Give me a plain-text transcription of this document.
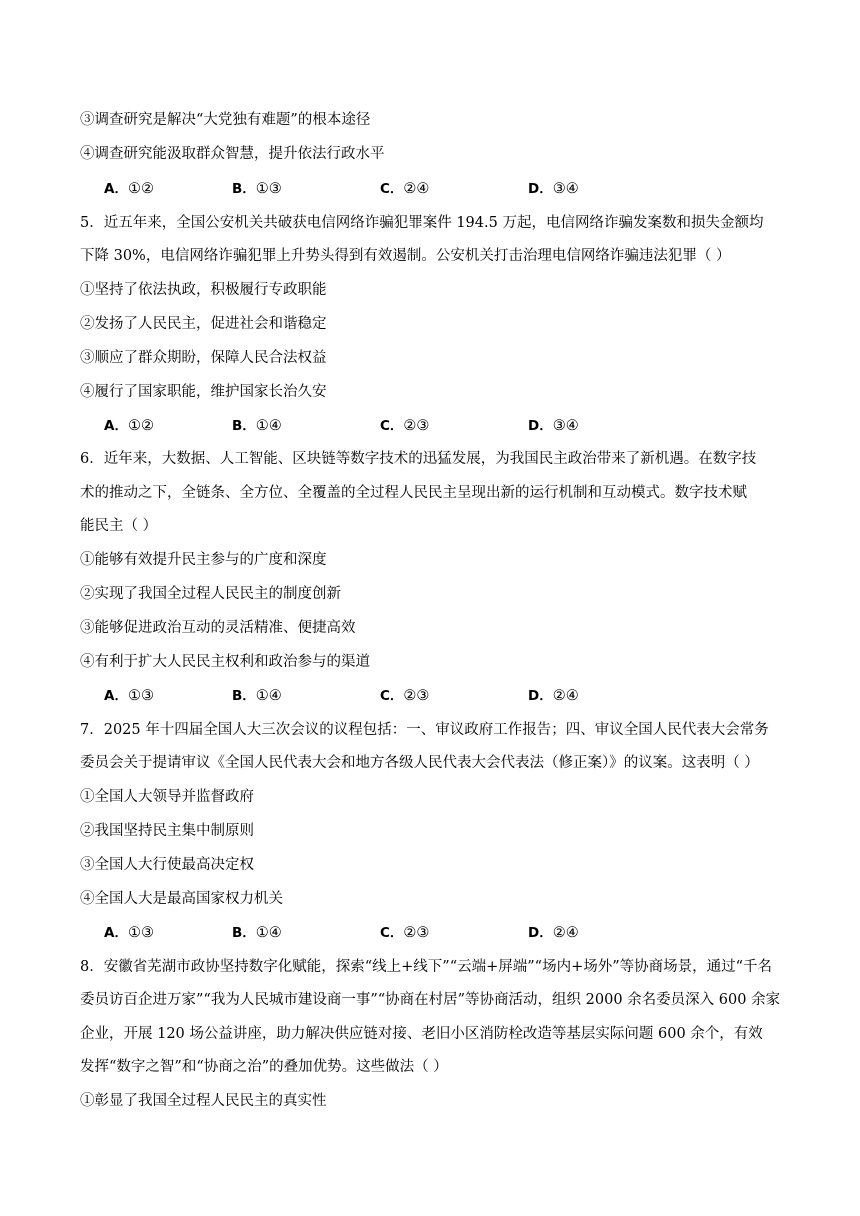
③调查研究是解决“大党独有难题”的根本途径
④调查研究能汲取群众智慧，提升依法行政水平
A．①②	B．①③	C．②④	D．③④
5．近五年来，全国公安机关共破获电信网络诈骗犯罪案件 194.5 万起，电信网络诈骗发案数和损失金额均
下降 30%，电信网络诈骗犯罪上升势头得到有效遏制。公安机关打击治理电信网络诈骗违法犯罪（ ）
①坚持了依法执政，积极履行专政职能
②发扬了人民民主，促进社会和谐稳定
③顺应了群众期盼，保障人民合法权益
④履行了国家职能，维护国家长治久安
A．①②	B．①④	C．②③	D．③④
6．近年来，大数据、人工智能、区块链等数字技术的迅猛发展，为我国民主政治带来了新机遇。在数字技
术的推动之下，全链条、全方位、全覆盖的全过程人民民主呈现出新的运行机制和互动模式。数字技术赋
能民主（ ）
①能够有效提升民主参与的广度和深度
②实现了我国全过程人民民主的制度创新
③能够促进政治互动的灵活精准、便捷高效
④有利于扩大人民民主权利和政治参与的渠道
A．①③	B．①④	C．②③	D．②④
7．2025 年十四届全国人大三次会议的议程包括：一、审议政府工作报告；四、审议全国人民代表大会常务
委员会关于提请审议《全国人民代表大会和地方各级人民代表大会代表法（修正案）》的议案。这表明（ ）
①全国人大领导并监督政府
②我国坚持民主集中制原则
③全国人大行使最高决定权
④全国人大是最高国家权力机关
A．①③	B．①④	C．②③	D．②④
8．安徽省芜湖市政协坚持数字化赋能，探索“线上+线下”“云端+屏端”“场内+场外”等协商场景，通过“千名
委员访百企进万家”“我为人民城市建设商一事”“协商在村居”等协商活动，组织 2000 余名委员深入 600 余家
企业，开展 120 场公益讲座，助力解决供应链对接、老旧小区消防栓改造等基层实际问题 600 余个，有效
发挥“数字之智”和“协商之治”的叠加优势。这些做法（ ）
①彰显了我国全过程人民民主的真实性
